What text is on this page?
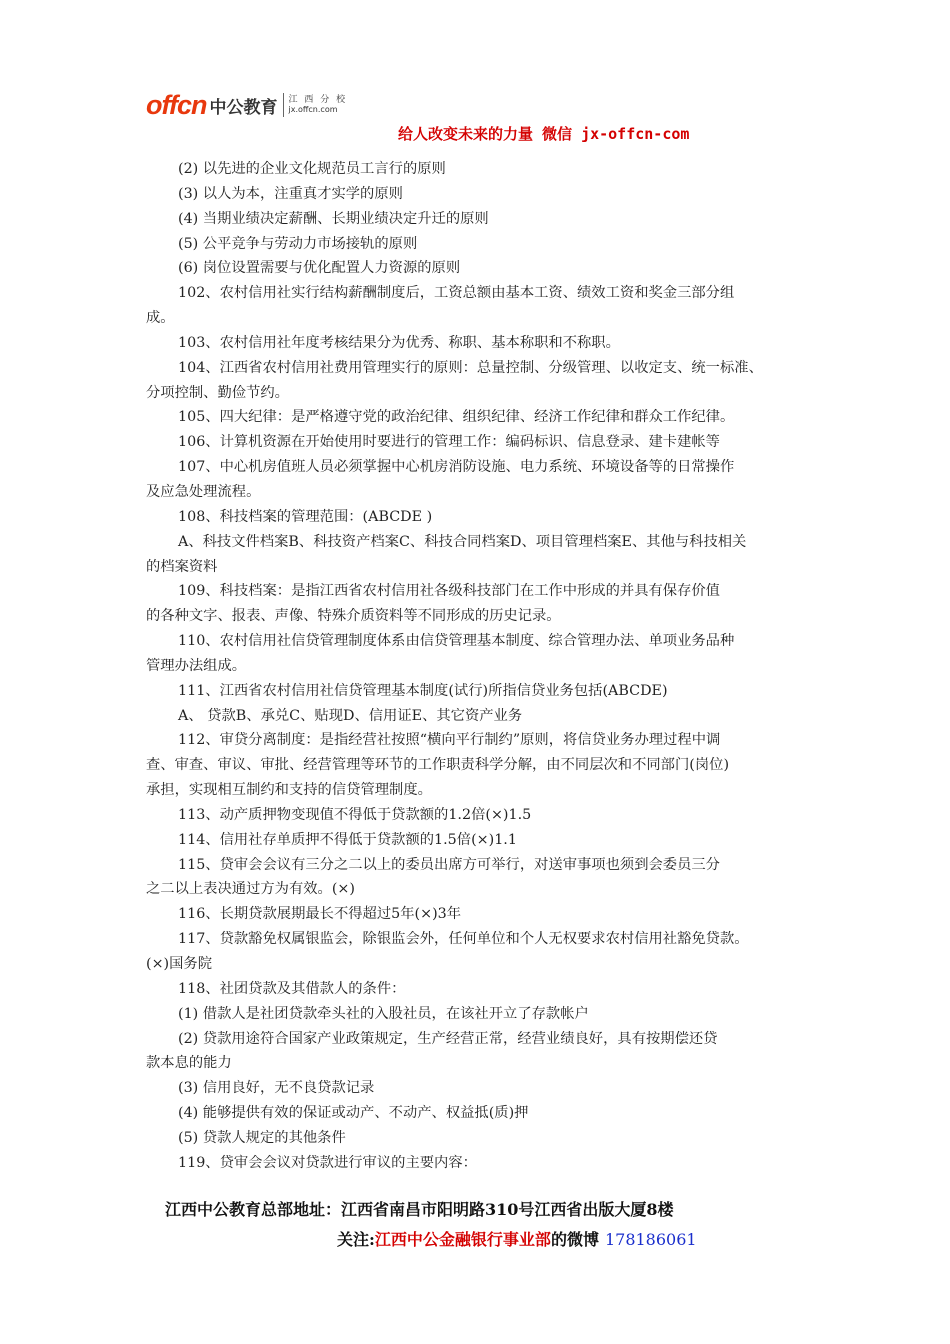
offcn 中公教育 江 西 分 校
jx.offcn.com
给人改变未来的力量 微信 jx-offcn-com
(2) 以先进的企业文化规范员工言行的原则
(3) 以人为本，注重真才实学的原则
(4) 当期业绩决定薪酬、长期业绩决定升迁的原则
(5) 公平竞争与劳动力市场接轨的原则
(6) 岗位设置需要与优化配置人力资源的原则
102、农村信用社实行结构薪酬制度后，工资总额由基本工资、绩效工资和奖金三部分组
成。
103、农村信用社年度考核结果分为优秀、称职、基本称职和不称职。
104、江西省农村信用社费用管理实行的原则：总量控制、分级管理、以收定支、统一标准、
分项控制、勤俭节约。
105、四大纪律：是严格遵守党的政治纪律、组织纪律、经济工作纪律和群众工作纪律。
106、计算机资源在开始使用时要进行的管理工作：编码标识、信息登录、建卡建帐等
107、中心机房值班人员必须掌握中心机房消防设施、电力系统、环境设备等的日常操作
及应急处理流程。
108、科技档案的管理范围：(ABCDE )
A、科技文件档案B、科技资产档案C、科技合同档案D、项目管理档案E、其他与科技相关
的档案资料
109、科技档案：是指江西省农村信用社各级科技部门在工作中形成的并具有保存价值
的各种文字、报表、声像、特殊介质资料等不同形成的历史记录。
110、农村信用社信贷管理制度体系由信贷管理基本制度、综合管理办法、单项业务品种
管理办法组成。
111、江西省农村信用社信贷管理基本制度(试行)所指信贷业务包括(ABCDE)
A、 贷款B、承兑C、贴现D、信用证E、其它资产业务
112、审贷分离制度：是指经营社按照“横向平行制约”原则，将信贷业务办理过程中调
查、审查、审议、审批、经营管理等环节的工作职责科学分解，由不同层次和不同部门(岗位)
承担，实现相互制约和支持的信贷管理制度。
113、动产质押物变现值不得低于贷款额的1.2倍(×)1.5
114、信用社存单质押不得低于贷款额的1.5倍(×)1.1
115、贷审会会议有三分之二以上的委员出席方可举行，对送审事项也须到会委员三分
之二以上表决通过方为有效。(×)
116、长期贷款展期最长不得超过5年(×)3年
117、贷款豁免权属银监会，除银监会外，任何单位和个人无权要求农村信用社豁免贷款。
(×)国务院
118、社团贷款及其借款人的条件：
(1) 借款人是社团贷款牵头社的入股社员，在该社开立了存款帐户
(2) 贷款用途符合国家产业政策规定，生产经营正常，经营业绩良好，具有按期偿还贷
款本息的能力
(3) 信用良好，无不良贷款记录
(4) 能够提供有效的保证或动产、不动产、权益抵(质)押
(5) 贷款人规定的其他条件
119、贷审会会议对贷款进行审议的主要内容：
江西中公教育总部地址：江西省南昌市阳明路310号江西省出版大厦8楼
关注:江西中公金融银行事业部的微博 178186061
